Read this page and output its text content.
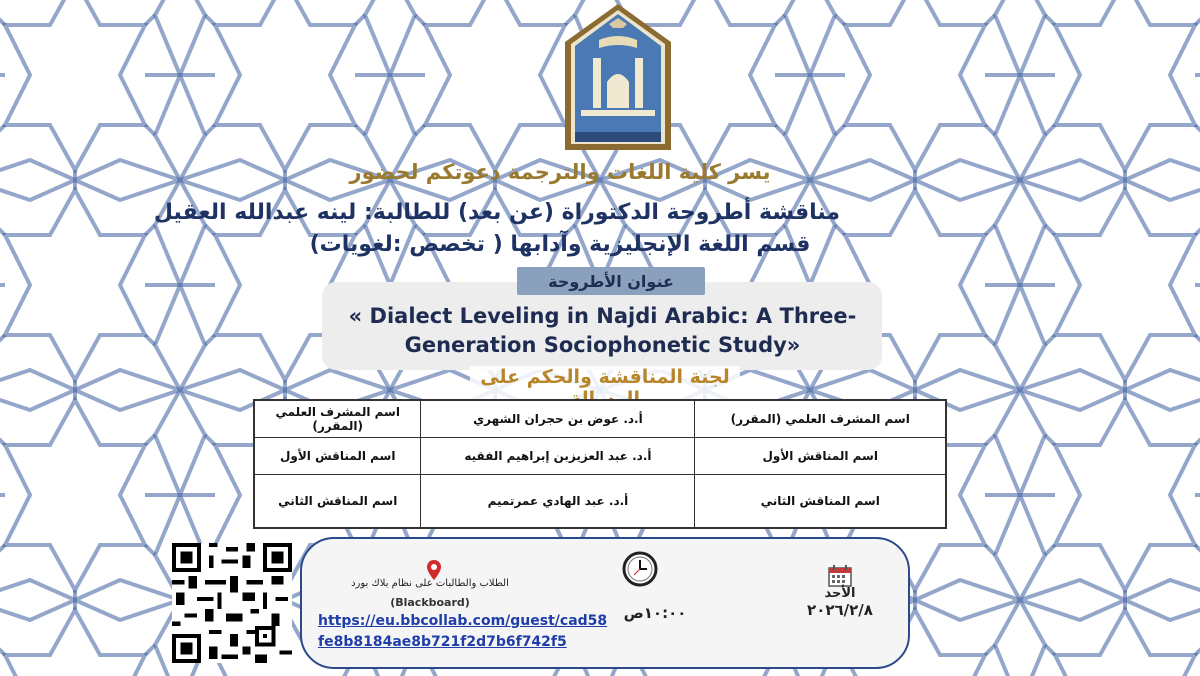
يسر كلية اللغات والترجمة دعوتكم لحضور
مناقشة أطروحة الدكتوراة (عن بعد) للطالبة: لينه عبدالله العقيل
قسم اللغة الإنجليزية وآدابها ( تخصص :لغويات)
عنوان الأطروحة
« Dialect Leveling in Najdi Arabic: A Three-Generation Sociophonetic Study»
لجنة المناقشة والحكم على
اسم المشرف العلمي (المقرر)	أ.د. عوض بن حجران الشهري	اسم المشرف العلمي (المقرر)
اسم المناقش الأول	أ.د. عبد العزيزبن إبراهيم الفقيه	اسم المناقش الأول
اسم المناقش الثاني	أ.د. عبد الهادي عمرتميم	اسم المناقش الثاني
الطلاب والطالبات على نظام بلاك بورد
(Blackboard)
https://eu.bbcollab.com/guest/cad58
fe8b8184ae8b721f2d7b6f742f5
١٠:٠٠ص
الأحد
٢٠٢٦/٢/٨
